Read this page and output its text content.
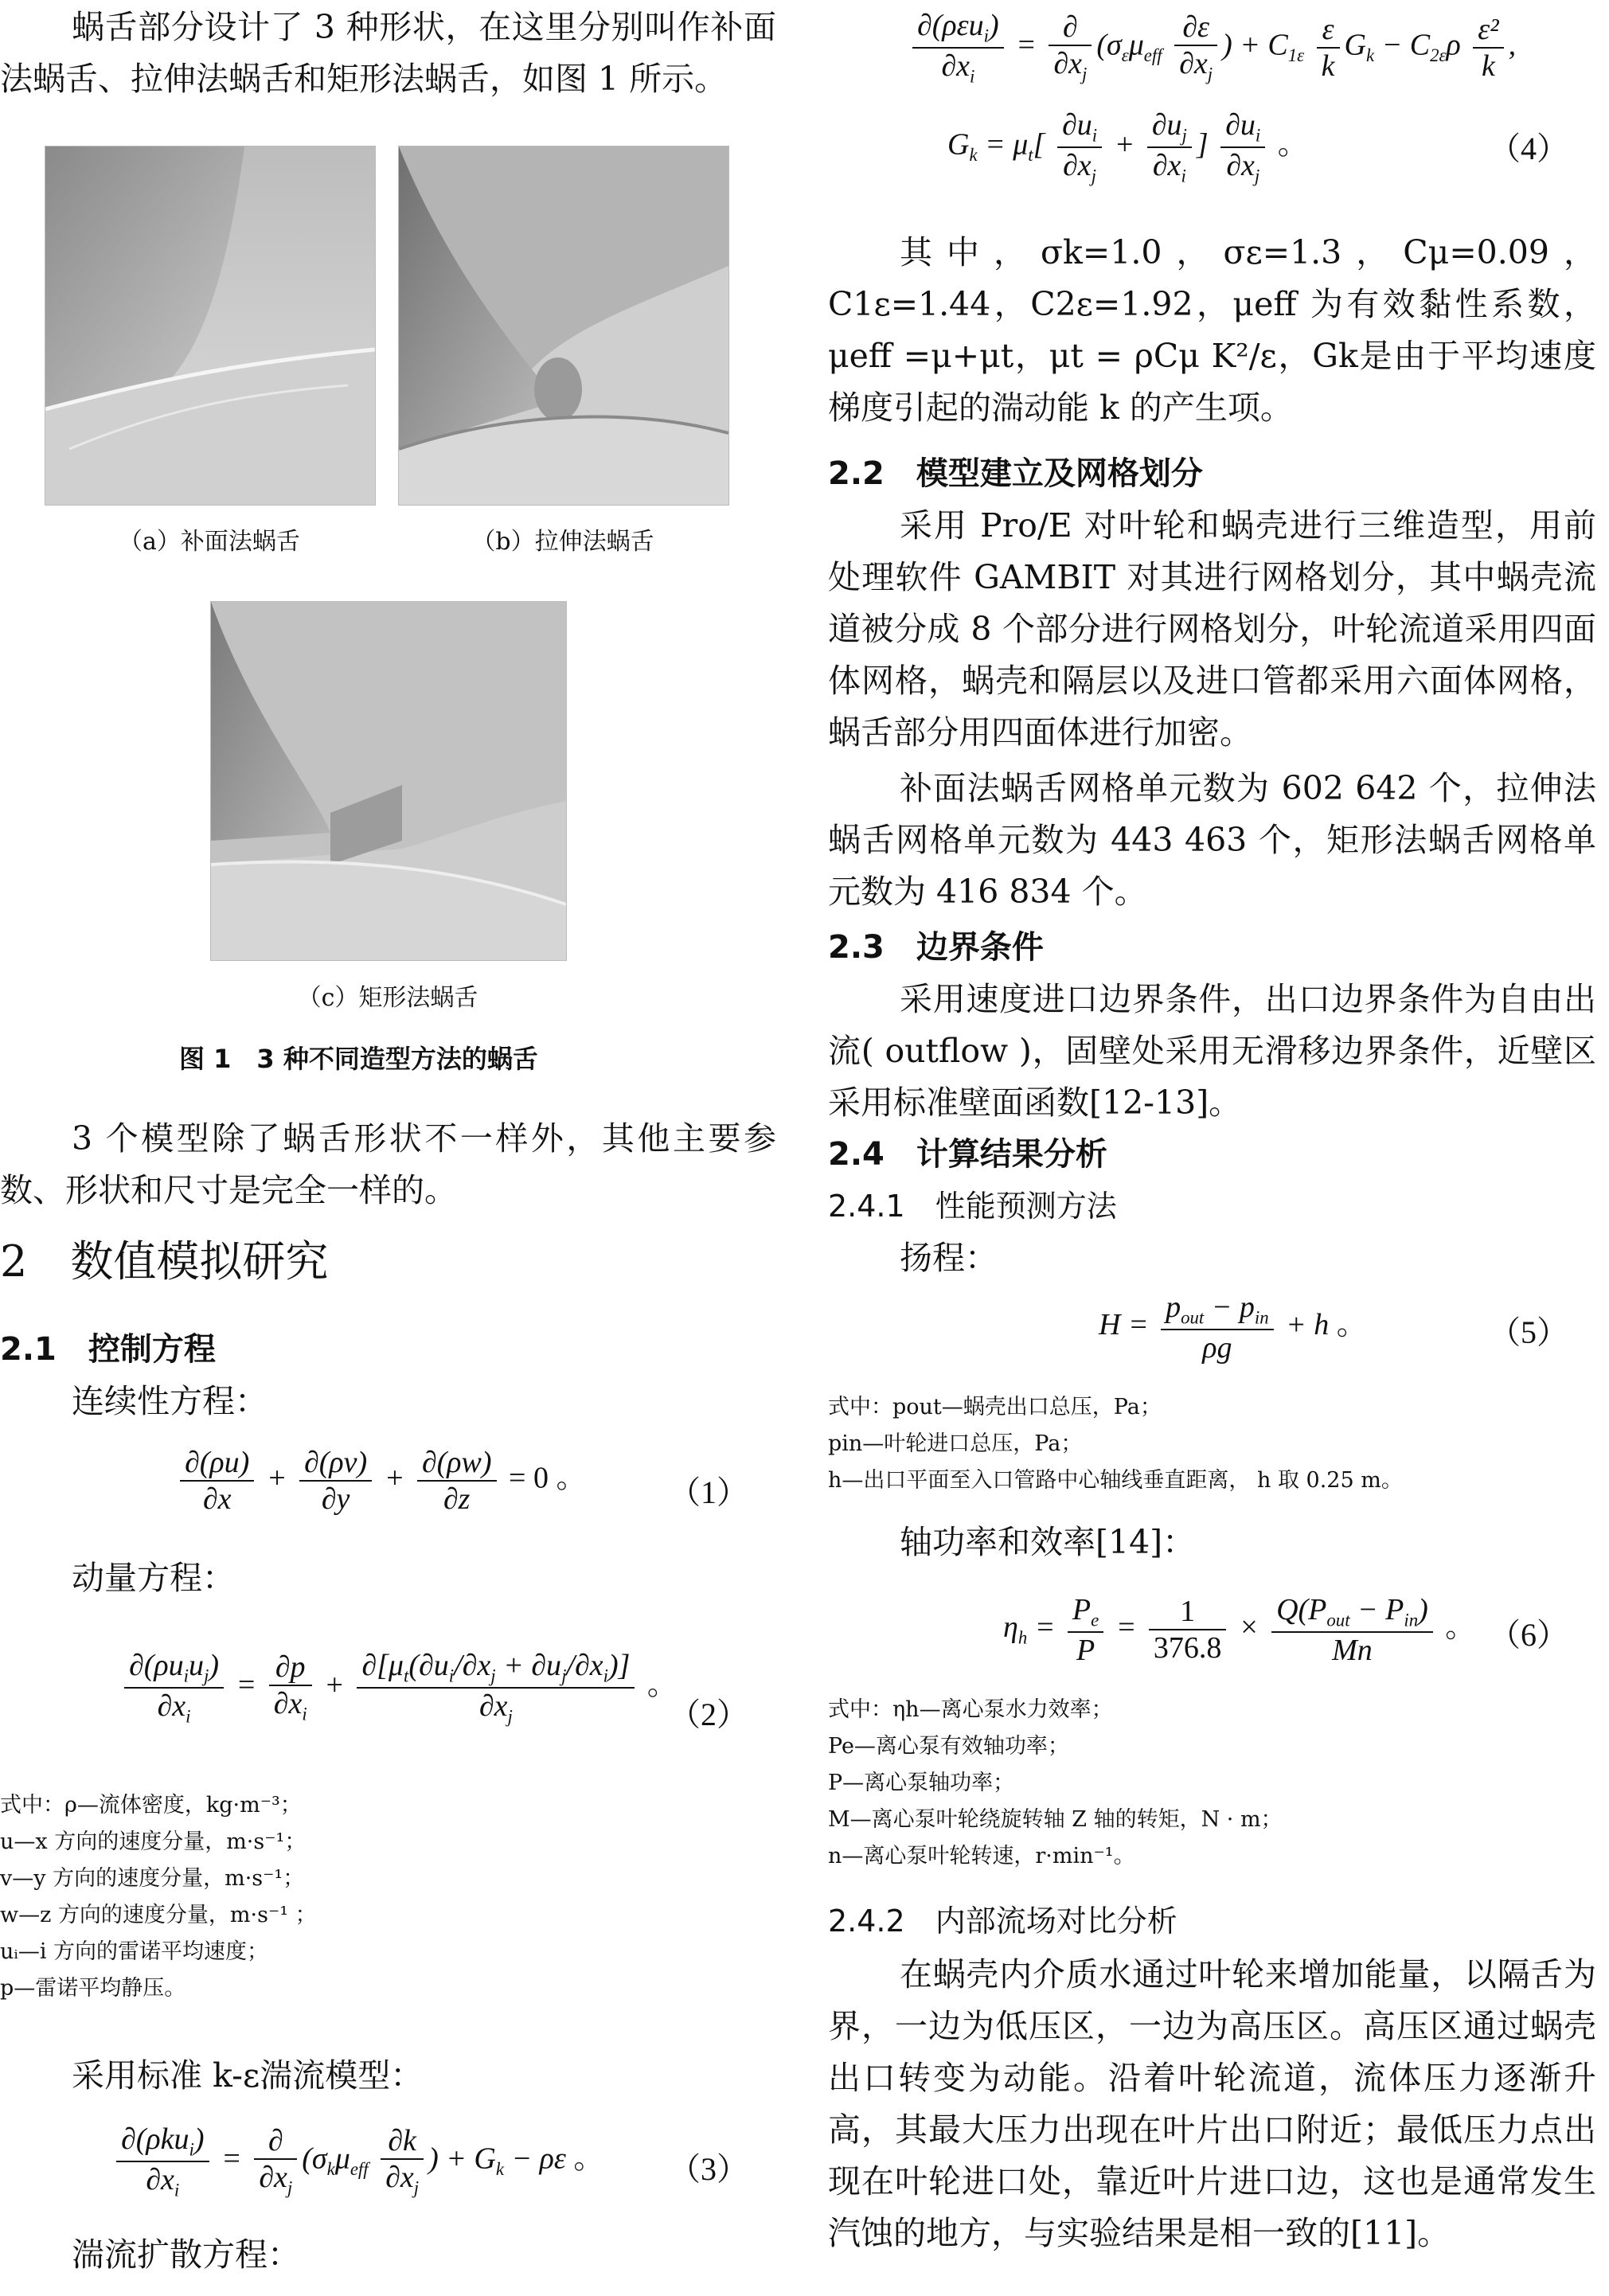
蜗舌部分设计了 3 种形状，在这里分别叫作补面法蜗舌、拉伸法蜗舌和矩形法蜗舌，如图 1 所示。

（a）补面法蜗舌	（b）拉伸法蜗舌
（c）矩形法蜗舌
图 1　3 种不同造型方法的蜗舌

3 个模型除了蜗舌形状不一样外，其他主要参数、形状和尺寸是完全一样的。

2　数值模拟研究

2.1　控制方程

连续性方程：

$\frac{\partial(\rho u)}{\partial x} + \frac{\partial(\rho v)}{\partial y} + \frac{\partial(\rho w)}{\partial z} = 0$ 。	（1）

动量方程：

$\frac{\partial(\rho u_iu_j)}{\partial x_i} = \frac{\partial p}{\partial x_i} + \frac{\partial[\mu_t(\partial u_i/\partial x_j + \partial u_j/\partial x_i)]}{\partial x_j}$ 。
（2）

式中：ρ—流体密度，kg·m⁻³；

u—x 方向的速度分量，m·s⁻¹；

v—y 方向的速度分量，m·s⁻¹；

w—z 方向的速度分量，m·s⁻¹ ；

uᵢ—i 方向的雷诺平均速度；

p—雷诺平均静压。

采用标准 k-ε湍流模型：

$\frac{\partial(\rho ku_i)}{\partial x_i} = \frac{\partial}{\partial x_j} (\sigma_k\mu_{eff} \frac{\partial k}{\partial x_j}$ ) + $G_k - \rho\varepsilon$ 。 （3）

湍流扩散方程：

$\frac{\partial(\rho\varepsilon u_i)}{\partial x_i} = \frac{\partial}{\partial x_j} (\sigma_\varepsilon\mu_{eff} \frac{\partial\varepsilon}{\partial x_j}$ ) + $C_{1\varepsilon} \frac{\varepsilon}{k} G_k - C_{2\varepsilon}\rho \frac{\text{ε²}}{k}$ ,
$G_k = \mu_t[ \frac{\partial u_i}{\partial x_j} + \frac{\partial u_j}{\partial x_i}$ ] $\frac{\partial u_i}{\partial x_j}$ 。	（4）

其中，σk=1.0，σε=1.3，Cμ=0.09，C1ε=1.44，C2ε=1.92，μeff 为有效黏性系数，μeff =μ+μt，μt = ρCμ K²/ε，Gk是由于平均速度梯度引起的湍动能 k 的产生项。

2.2　模型建立及网格划分

采用 Pro/E 对叶轮和蜗壳进行三维造型，用前处理软件 GAMBIT 对其进行网格划分，其中蜗壳流道被分成 8 个部分进行网格划分，叶轮流道采用四面体网格，蜗壳和隔层以及进口管都采用六面体网格，蜗舌部分用四面体进行加密。

补面法蜗舌网格单元数为 602 642 个，拉伸法蜗舌网格单元数为 443 463 个，矩形法蜗舌网格单元数为 416 834 个。

2.3　边界条件

采用速度进口边界条件，出口边界条件为自由出流( outflow )，固壁处采用无滑移边界条件，近壁区采用标准壁面函数[12-13]。

2.4　计算结果分析

2.4.1　性能预测方法

扬程：

$H = \frac{p_{out} - p_{in}}{\rho g} + h$ 。	（5）

式中：pout—蜗壳出口总压，Pa；

pin—叶轮进口总压，Pa；

h—出口平面至入口管路中心轴线垂直距离， h 取 0.25 m。

轴功率和效率[14]：

$\eta_h = \frac{P_e}{P} = \frac{1}{376.8} \times \frac{Q(P_{out} - P_{in})}{Mn}$ 。 （6）

式中：ηh—离心泵水力效率；

Pe—离心泵有效轴功率；

P—离心泵轴功率；

M—离心泵叶轮绕旋转轴 Z 轴的转矩，N · m；

n—离心泵叶轮转速，r·min⁻¹。

2.4.2　内部流场对比分析

在蜗壳内介质水通过叶轮来增加能量，以隔舌为界，一边为低压区，一边为高压区。高压区通过蜗壳出口转变为动能。沿着叶轮流道，流体压力逐渐升高，其最大压力出现在叶片出口附近；最低压力点出现在叶轮进口处，靠近叶片进口边，这也是通常发生汽蚀的地方，与实验结果是相一致的[11]。
